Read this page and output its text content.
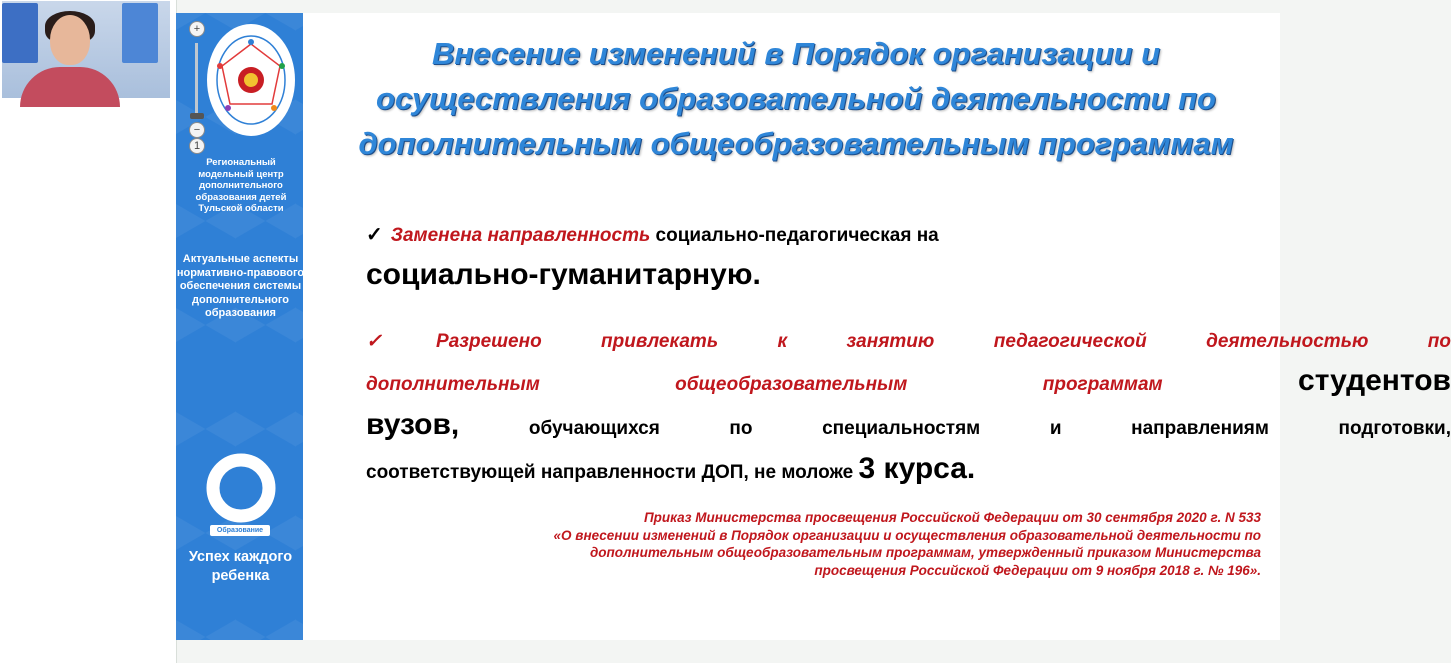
+
−
1
Региональный модельный центр дополнительного образования детей Тульской области
Актуальные аспекты нормативно-правового обеспечения системы дополнительного образования
Образование
Успех каждого ребенка
Внесение изменений в Порядок организации и осуществления образовательной деятельности по дополнительным общеобразовательным программам
✓ Заменена направленность социально-педагогическая на
социально-гуманитарную.
✓Разрешено привлекать к занятию педагогической деятельностью по
дополнительным общеобразовательным программам	студентов
вузов,	обучающихся по специальностям и направлениям подготовки,
соответствующей направленности ДОП, не моложе 3 курса.
Приказ Министерства просвещения Российской Федерации от 30 сентября 2020 г. N 533
«О внесении изменений в Порядок организации и осуществления образовательной деятельности по
дополнительным общеобразовательным программам, утвержденный приказом Министерства
просвещения Российской Федерации от 9 ноября 2018 г. № 196».
